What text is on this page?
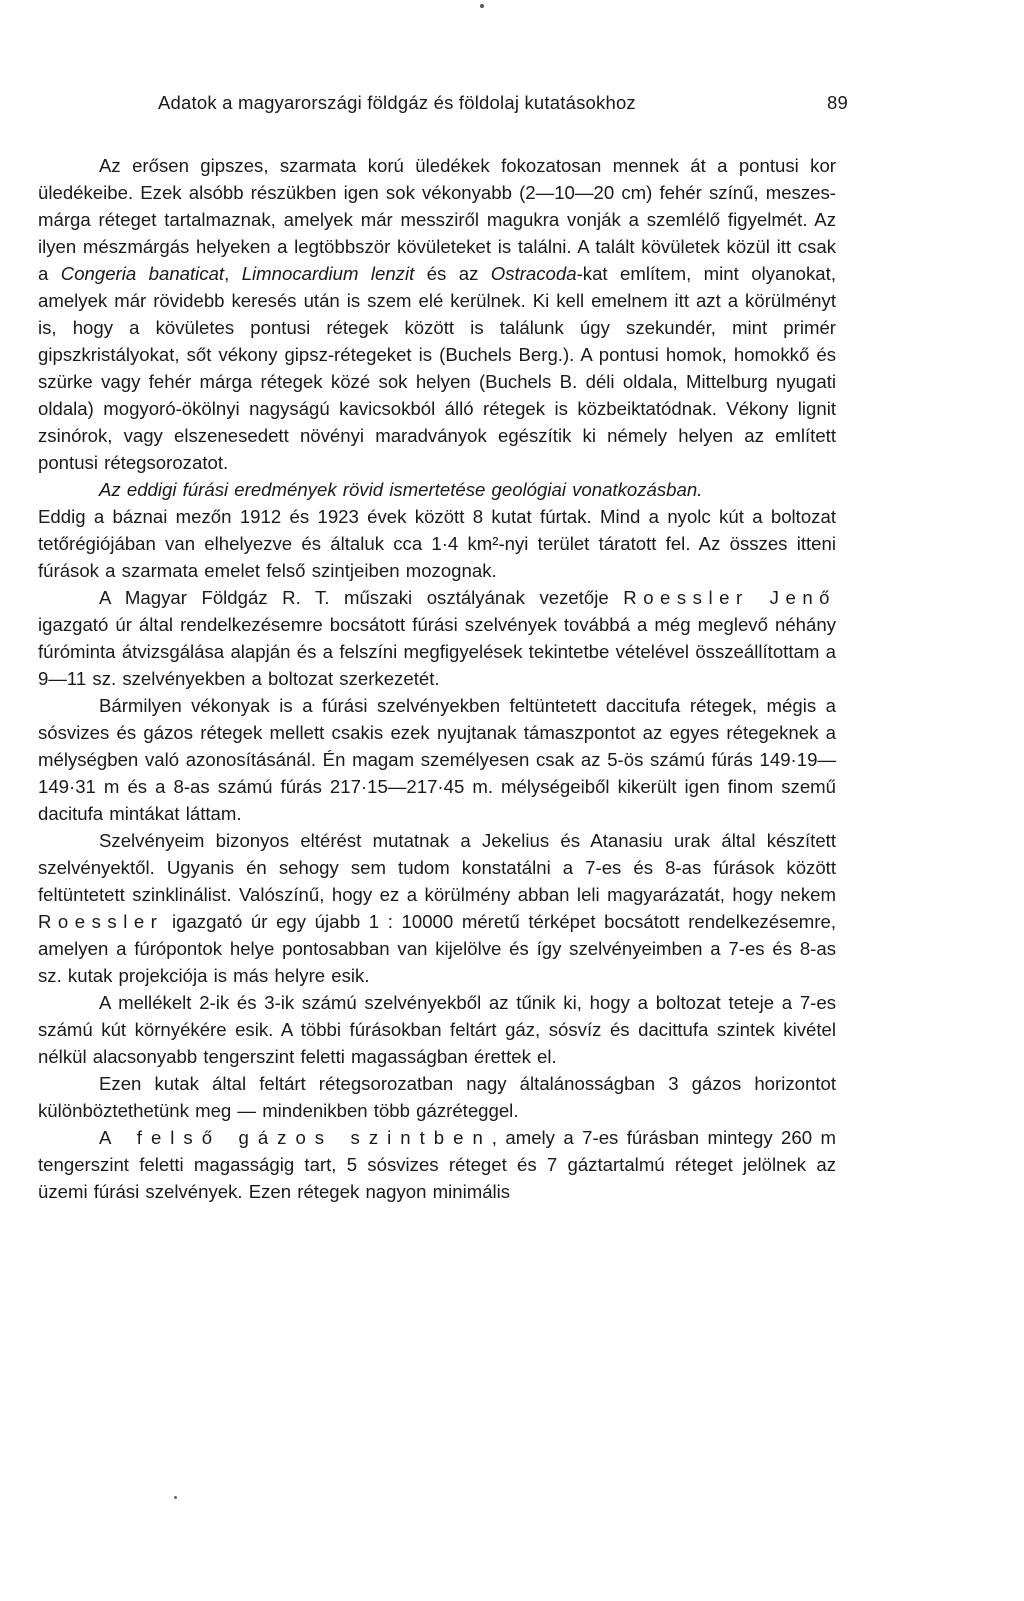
Adatok a magyarországi földgáz és földolaj kutatásokhoz	89

Az erősen gipszes, szarmata korú üledékek fokozatosan mennek át a pontusi kor üledékeibe. Ezek alsóbb részükben igen sok vékonyabb (2—10—20 cm) fehér színű, meszes-márga réteget tartalmaznak, amelyek már messziről magukra vonják a szemlélő figyelmét. Az ilyen mészmárgás helyeken a legtöbbször kövületeket is találni. A talált kövületek közül itt csak a Congeria banaticat, Limnocardium lenzit és az Ostracoda-kat említem, mint olyanokat, amelyek már rövidebb keresés után is szem elé kerülnek. Ki kell emelnem itt azt a körülményt is, hogy a kövületes pontusi rétegek között is találunk úgy szekundér, mint primér gipszkristályokat, sőt vékony gipsz-rétegeket is (Buchels Berg.). A pontusi homok, homokkő és szürke vagy fehér márga rétegek közé sok helyen (Buchels B. déli oldala, Mittelburg nyugati oldala) mogyoró-ökölnyi nagyságú kavicsokból álló rétegek is közbeiktatódnak. Vékony lignit zsinórok, vagy elszenesedett növényi maradványok egészítik ki némely helyen az említett pontusi rétegsorozatot.

Az eddigi fúrási eredmények rövid ismertetése geológiai vonatkozásban.

Eddig a báznai mezőn 1912 és 1923 évek között 8 kutat fúrtak. Mind a nyolc kút a boltozat tetőrégiójában van elhelyezve és általuk cca 1·4 km²-nyi terület táratott fel. Az összes itteni fúrások a szarmata emelet felső szintjeiben mozognak.

A Magyar Földgáz R. T. műszaki osztályának vezetője Roessler Jenő igazgató úr által rendelkezésemre bocsátott fúrási szelvények továbbá a még meglevő néhány fúróminta átvizsgálása alapján és a felszíni megfigyelések tekintetbe vételével összeállítottam a 9—11 sz. szelvényekben a boltozat szerkezetét.

Bármilyen vékonyak is a fúrási szelvényekben feltüntetett daccitufa rétegek, mégis a sósvizes és gázos rétegek mellett csakis ezek nyujtanak támaszpontot az egyes rétegeknek a mélységben való azonosításánál. Én magam személyesen csak az 5-ös számú fúrás 149·19—149·31 m és a 8-as számú fúrás 217·15—217·45 m. mélységeiből kikerült igen finom szemű dacitufa mintákat láttam.

Szelvényeim bizonyos eltérést mutatnak a Jekelius és Atanasiu urak által készített szelvényektől. Ugyanis én sehogy sem tudom konstatálni a 7-es és 8-as fúrások között feltüntetett szinklinálist. Valószínű, hogy ez a körülmény abban leli magyarázatát, hogy nekem Roessler igazgató úr egy újabb 1 : 10000 méretű térképet bocsátott rendelkezésemre, amelyen a fúrópontok helye pontosabban van kijelölve és így szelvényeimben a 7-es és 8-as sz. kutak projekciója is más helyre esik.

A mellékelt 2-ik és 3-ik számú szelvényekből az tűnik ki, hogy a boltozat teteje a 7-es számú kút környékére esik. A többi fúrásokban feltárt gáz, sósvíz és dacittufa szintek kivétel nélkül alacsonyabb tengerszint feletti magasságban érettek el.

Ezen kutak által feltárt rétegsorozatban nagy általánosságban 3 gázos horizontot különböztethetünk meg — mindenikben több gázréteggel.

A felső gázos szintben, amely a 7-es fúrásban mintegy 260 m tengerszint feletti magasságig tart, 5 sósvizes réteget és 7 gáztartalmú réteget jelölnek az üzemi fúrási szelvények. Ezen rétegek nagyon minimális
